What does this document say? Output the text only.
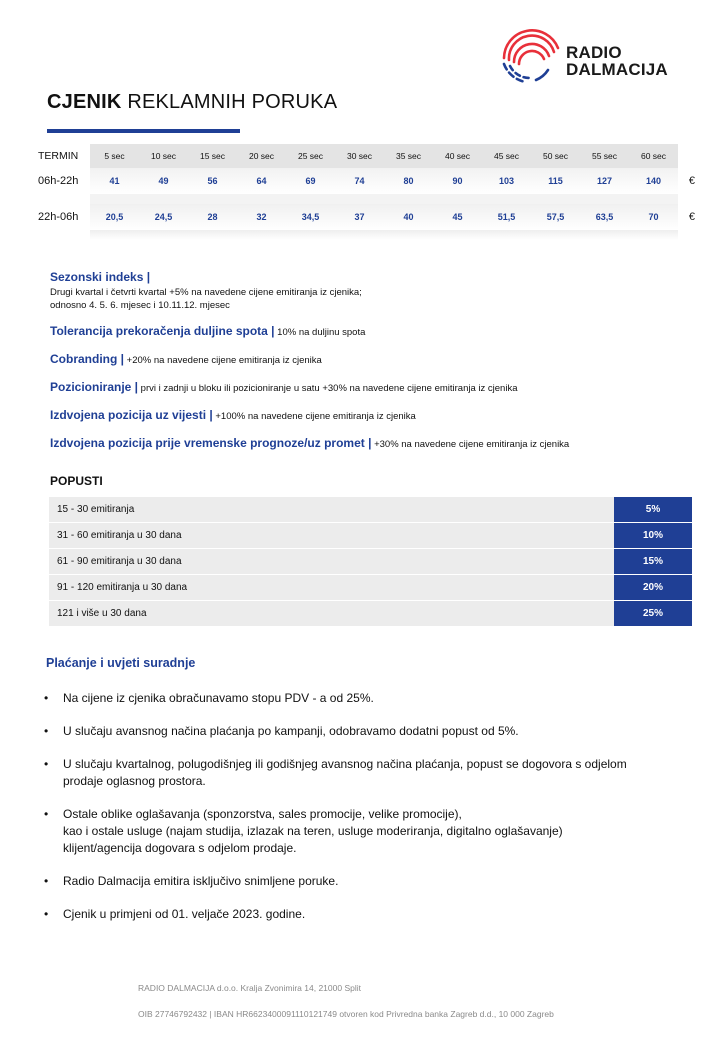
RADIO
DALMACIJA
CJENIK REKLAMNIH PORUKA
TERMIN	5 sec	10 sec	15 sec	20 sec	25 sec	30 sec	35 sec	40 sec	45 sec	50 sec	55 sec	60 sec
06h-22h	41	49	56	64	69	74	80	90	103	115	127	140	€
22h-06h	20,5	24,5	28	32	34,5	37	40	45	51,5	57,5	63,5	70	€
Sezonski indeks |
Drugi kvartal i četvrti kvartal +5% na navedene cijene emitiranja iz cjenika;
odnosno 4. 5. 6. mjesec i 10.11.12. mjesec
Tolerancija prekoračenja duljine spota | 10% na duljinu spota
Cobranding | +20% na navedene cijene emitiranja iz cjenika
Pozicioniranje | prvi i zadnji u bloku ili pozicioniranje u satu +30% na navedene cijene emitiranja iz cjenika
Izdvojena pozicija uz vijesti | +100% na navedene cijene emitiranja iz cjenika
Izdvojena pozicija prije vremenske prognoze/uz promet | +30% na navedene cijene emitiranja iz cjenika
POPUSTI
15 - 30 emitiranja	5%
31 - 60 emitiranja u 30 dana	10%
61 - 90 emitiranja u 30 dana	15%
91 - 120 emitiranja u 30 dana	20%
121 i više u 30 dana	25%
Plaćanje i uvjeti suradnje
•	Na cijene iz cjenika obračunavamo stopu PDV - a od 25%.
•	U slučaju avansnog načina plaćanja po kampanji, odobravamo dodatni popust od 5%.
•	U slučaju kvartalnog, polugodišnjeg ili godišnjeg avansnog načina plaćanja, popust se dogovora s odjelom
prodaje oglasnog prostora.
•	Ostale oblike oglašavanja (sponzorstva, sales promocije, velike promocije),
kao i ostale usluge (najam studija, izlazak na teren, usluge moderiranja, digitalno oglašavanje)
klijent/agencija dogovara s odjelom prodaje.
•	Radio Dalmacija emitira isključivo snimljene poruke.
•	Cjenik u primjeni od 01. veljače 2023. godine.
RADIO DALMACIJA d.o.o. Kralja Zvonimira 14, 21000 Split
OIB 27746792432 | IBAN HR6623400091110121749 otvoren kod Privredna banka Zagreb d.d., 10 000 Zagreb
